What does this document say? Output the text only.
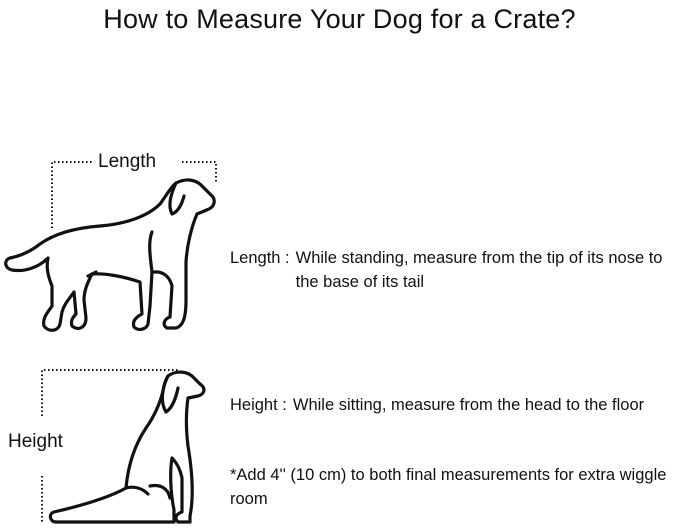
How to Measure Your Dog for a Crate?
Length
Height
Length : While standing, measure from the tip of its nose to the base of its tail
Height : While sitting, measure from the head to the floor
*Add 4'' (10 cm) to both final measurements for extra wiggle room
